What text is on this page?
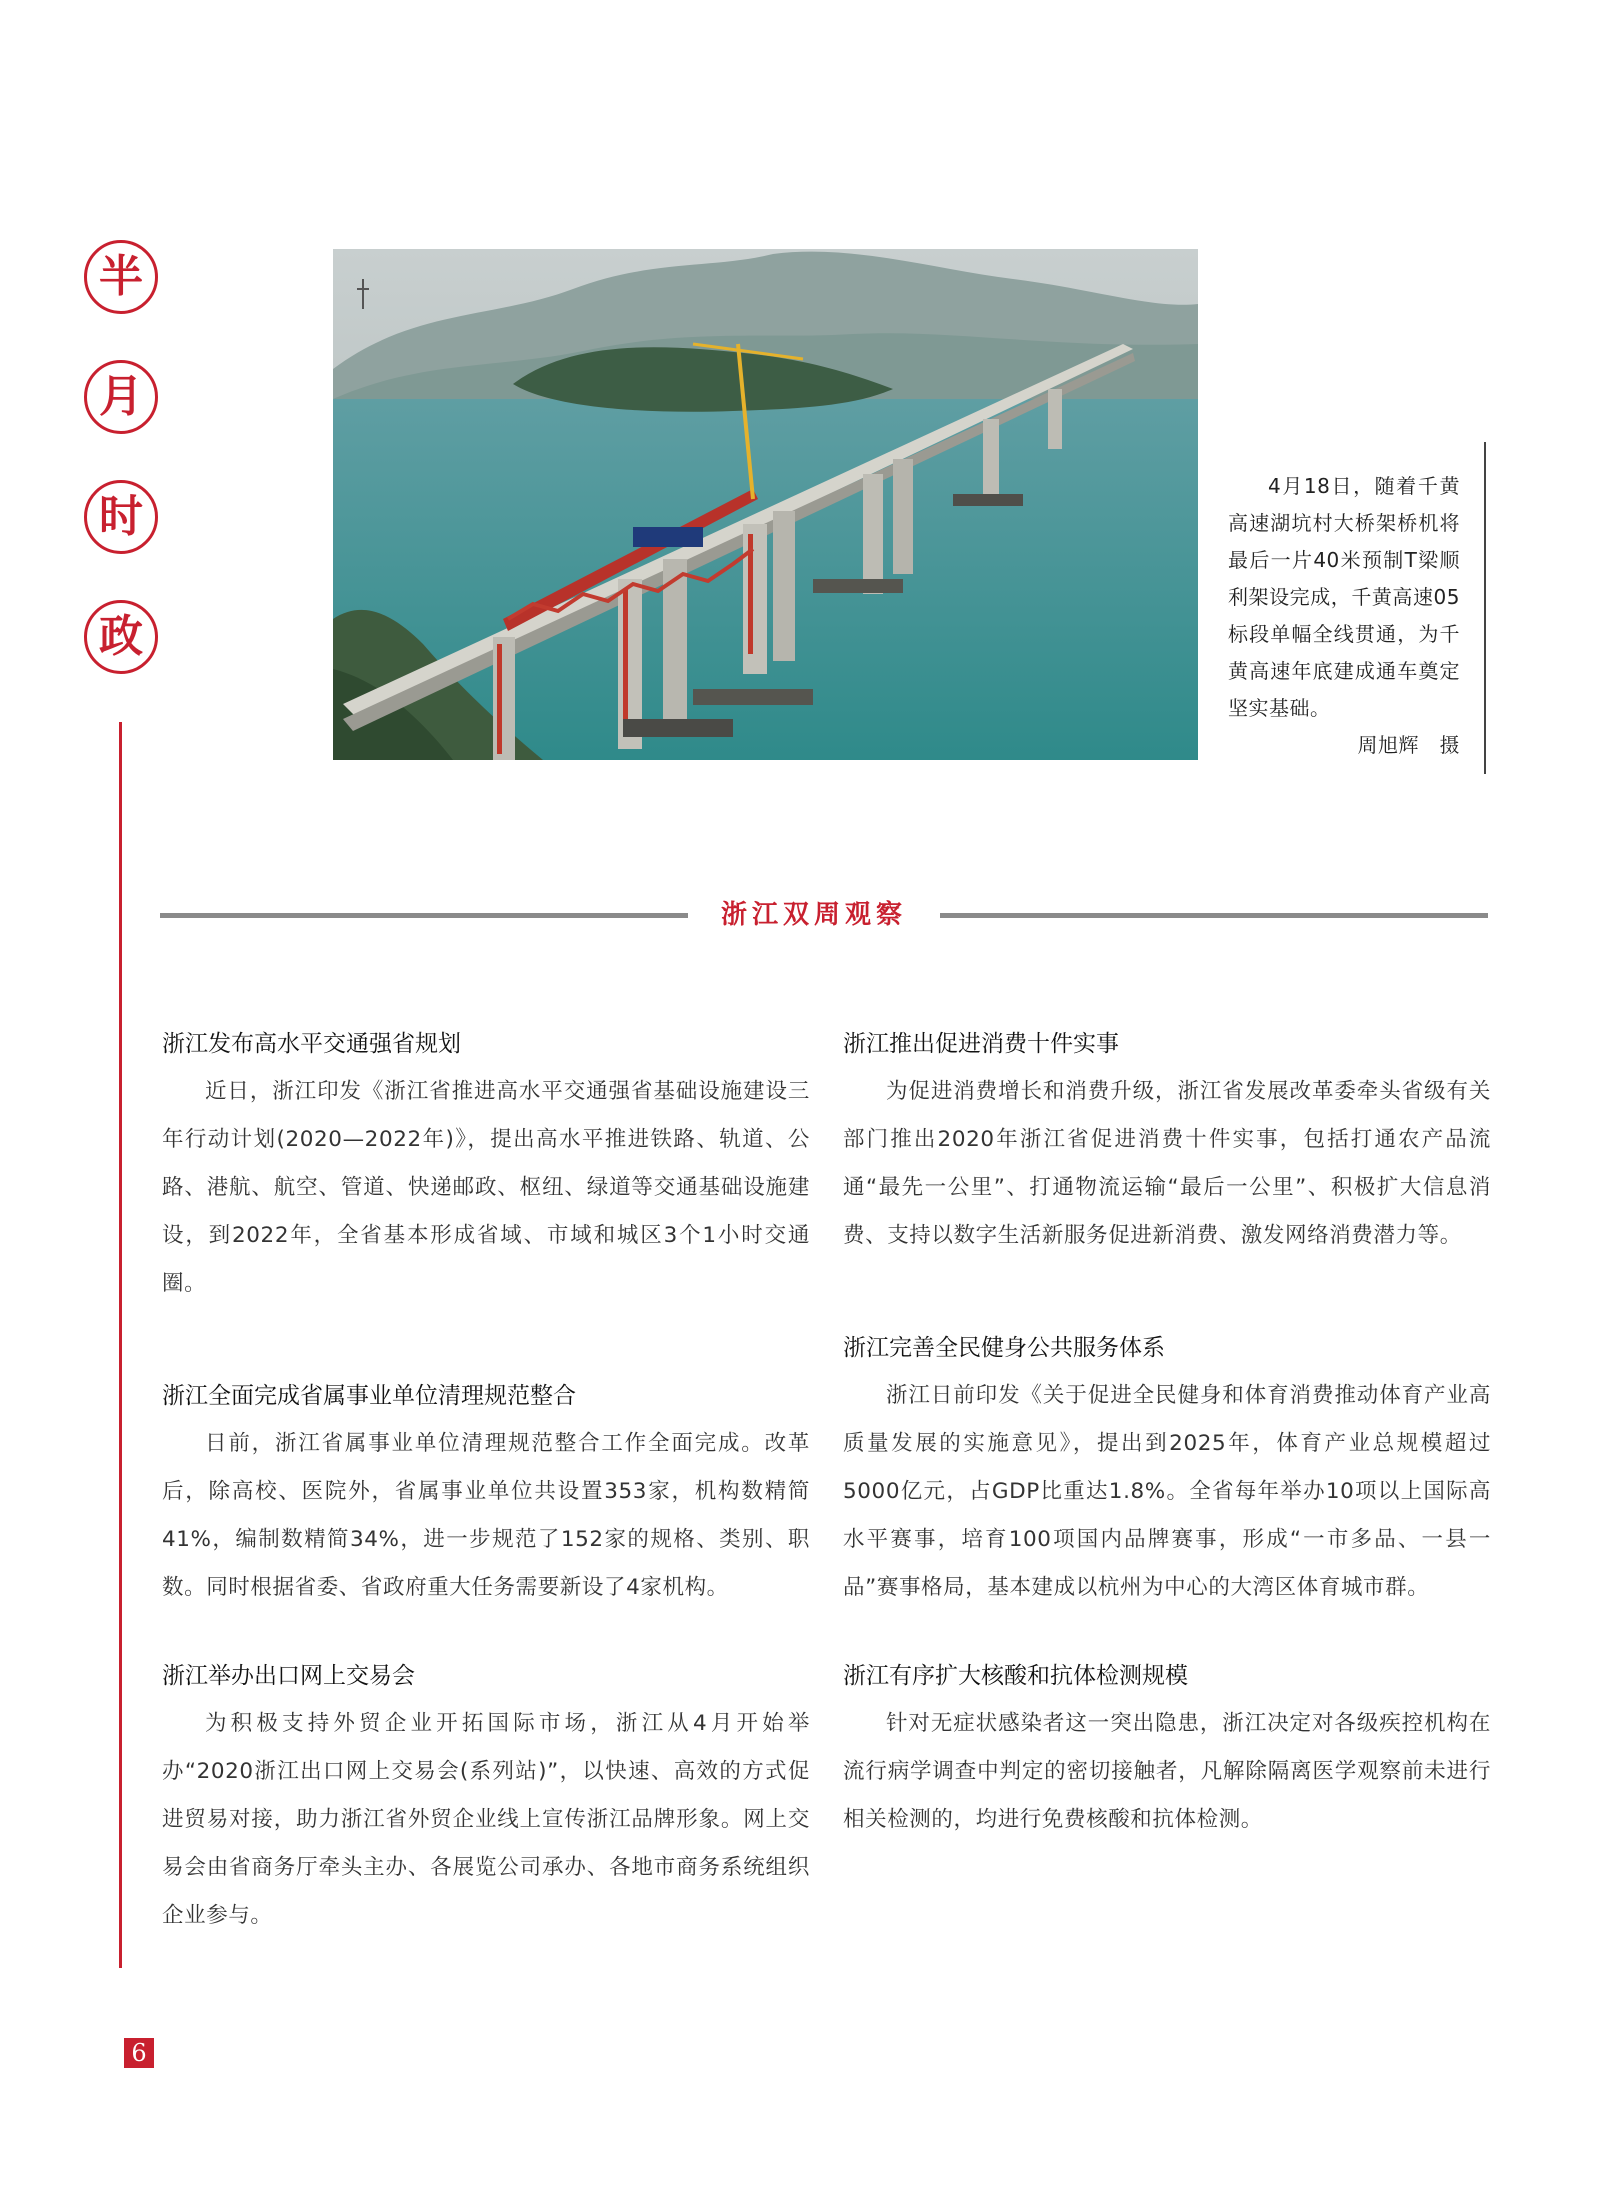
半
月
时
政
4月18日，随着千黄高速湖坑村大桥架桥机将最后一片40米预制T梁顺利架设完成，千黄高速05标段单幅全线贯通，为千黄高速年底建成通车奠定坚实基础。
周旭辉　摄
浙江双周观察
浙江发布高水平交通强省规划

近日，浙江印发《浙江省推进高水平交通强省基础设施建设三年行动计划(2020—2022年)》，提出高水平推进铁路、轨道、公路、港航、航空、管道、快递邮政、枢纽、绿道等交通基础设施建设，到2022年，全省基本形成省域、市域和城区3个1小时交通圈。

浙江全面完成省属事业单位清理规范整合

日前，浙江省属事业单位清理规范整合工作全面完成。改革后，除高校、医院外，省属事业单位共设置353家，机构数精简41%，编制数精简34%，进一步规范了152家的规格、类别、职数。同时根据省委、省政府重大任务需要新设了4家机构。

浙江举办出口网上交易会

为积极支持外贸企业开拓国际市场，浙江从4月开始举办“2020浙江出口网上交易会(系列站)”，以快速、高效的方式促进贸易对接，助力浙江省外贸企业线上宣传浙江品牌形象。网上交易会由省商务厅牵头主办、各展览公司承办、各地市商务系统组织企业参与。

浙江推出促进消费十件实事

为促进消费增长和消费升级，浙江省发展改革委牵头省级有关部门推出2020年浙江省促进消费十件实事，包括打通农产品流通“最先一公里”、打通物流运输“最后一公里”、积极扩大信息消费、支持以数字生活新服务促进新消费、激发网络消费潜力等。

浙江完善全民健身公共服务体系

浙江日前印发《关于促进全民健身和体育消费推动体育产业高质量发展的实施意见》，提出到2025年，体育产业总规模超过5000亿元，占GDP比重达1.8%。全省每年举办10项以上国际高水平赛事，培育100项国内品牌赛事，形成“一市多品、一县一品”赛事格局，基本建成以杭州为中心的大湾区体育城市群。

浙江有序扩大核酸和抗体检测规模

针对无症状感染者这一突出隐患，浙江决定对各级疾控机构在流行病学调查中判定的密切接触者，凡解除隔离医学观察前未进行相关检测的，均进行免费核酸和抗体检测。

6
